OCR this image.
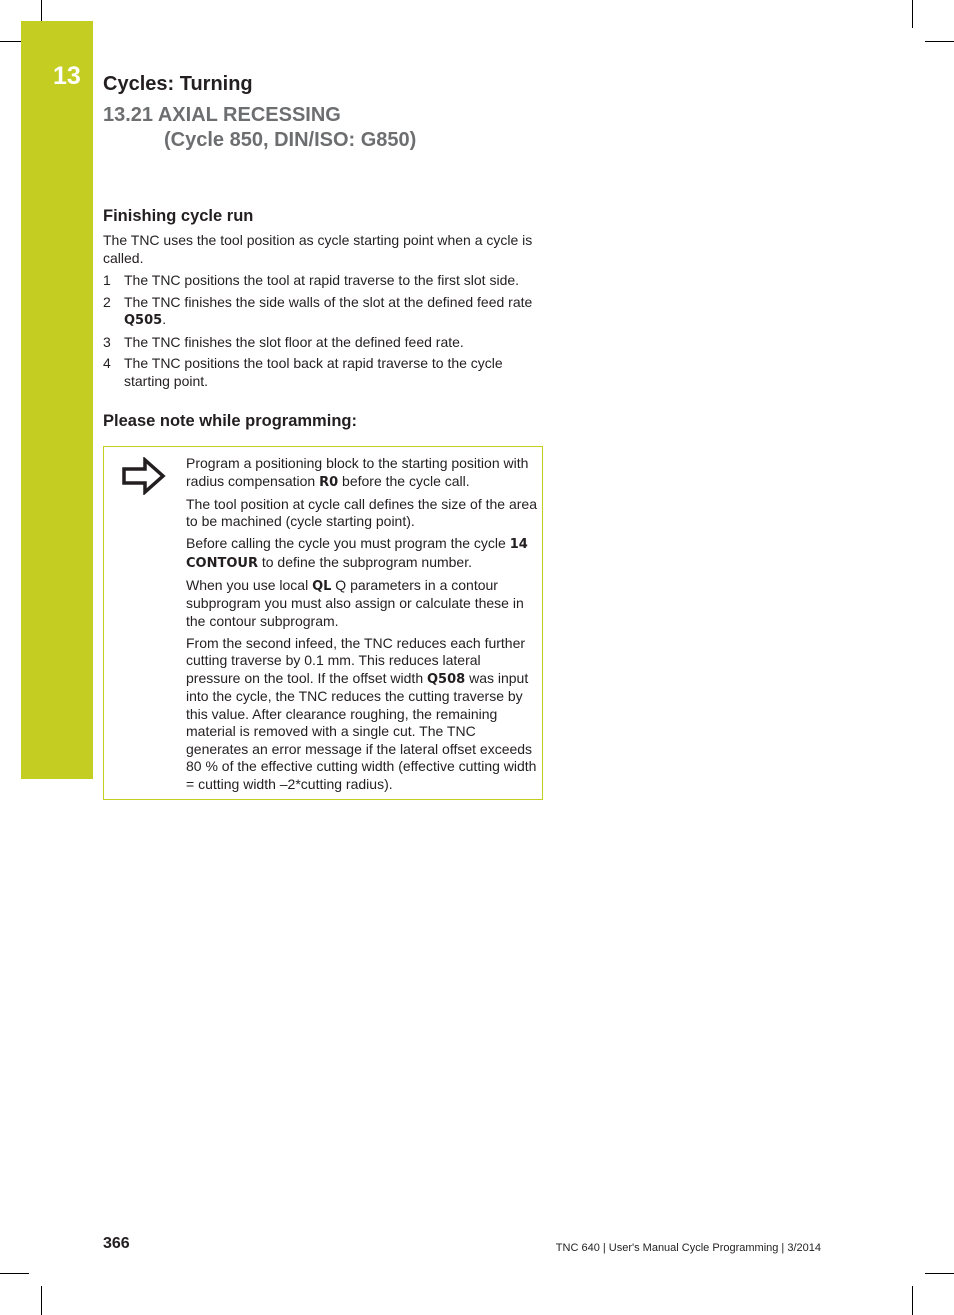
13 Cycles: Turning
13.21 AXIAL RECESSING
(Cycle 850, DIN/ISO: G850)
Finishing cycle run
The TNC uses the tool position as cycle starting point when a cycle is called.
1 The TNC positions the tool at rapid traverse to the first slot side.
2 The TNC finishes the side walls of the slot at the defined feed rate Q505.
3 The TNC finishes the slot floor at the defined feed rate.
4 The TNC positions the tool back at rapid traverse to the cycle starting point.
Please note while programming:

Program a positioning block to the starting position with radius compensation R0 before the cycle call.

The tool position at cycle call defines the size of the area to be machined (cycle starting point).

Before calling the cycle you must program the cycle 14 CONTOUR to define the subprogram number.

When you use local QL Q parameters in a contour subprogram you must also assign or calculate these in the contour subprogram.

From the second infeed, the TNC reduces each further cutting traverse by 0.1 mm. This reduces lateral pressure on the tool. If the offset width Q508 was input into the cycle, the TNC reduces the cutting traverse by this value. After clearance roughing, the remaining material is removed with a single cut. The TNC generates an error message if the lateral offset exceeds 80 % of the effective cutting width (effective cutting width = cutting width –2*cutting radius).

366	TNC 640 | User's Manual Cycle Programming | 3/2014
